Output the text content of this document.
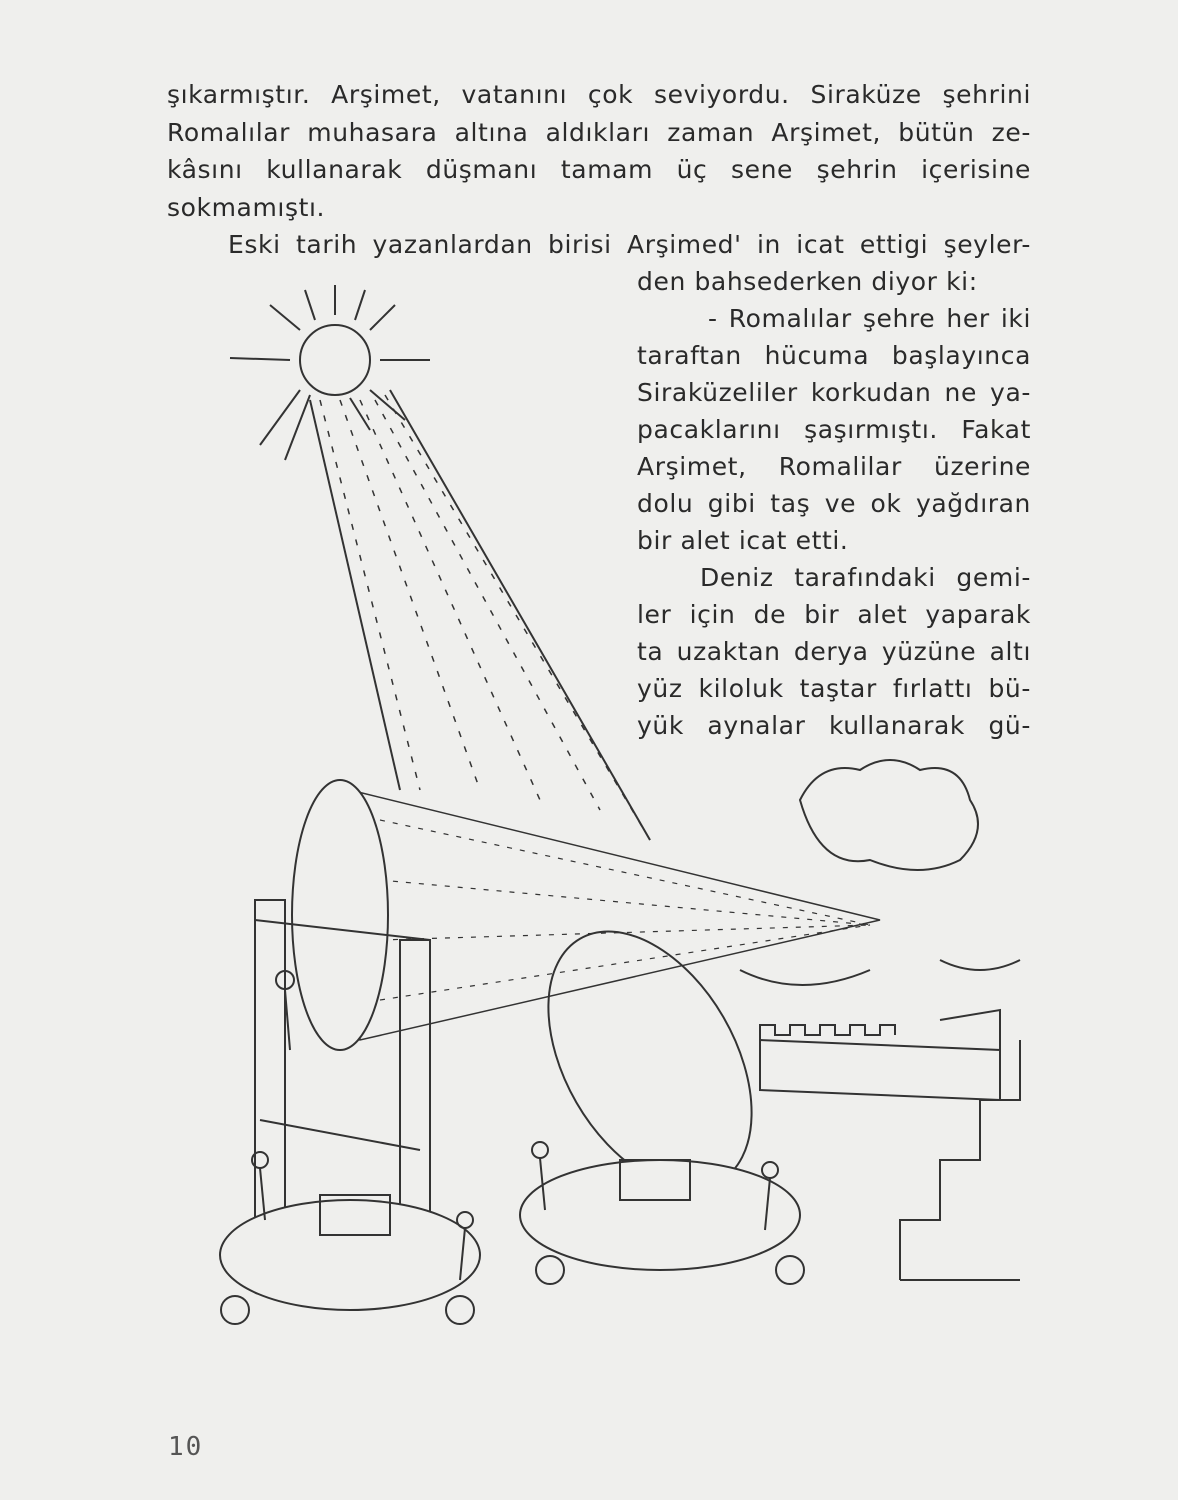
şıkarmıştır. Arşimet, vatanını çok seviyordu. Siraküze şehrini
Romalılar muhasara altına aldıkları zaman Arşimet, bütün ze-
kâsını kullanarak düşmanı tamam üç sene şehrin içerisine
sokmamıştı.
Eski tarih yazanlardan birisi Arşimed' in icat ettigi şeyler-
den bahsederken diyor ki:
- Romalılar şehre her iki
taraftan hücuma başlayınca
Siraküzeliler korkudan ne ya-
pacaklarını şaşırmıştı. Fakat
Arşimet, Romalilar üzerine
dolu gibi taş ve ok yağdıran
bir alet icat etti.
Deniz tarafındaki gemi-
ler için de bir alet yaparak
ta uzaktan derya yüzüne altı
yüz kiloluk taştar fırlattı bü-
yük aynalar kullanarak gü-
10
